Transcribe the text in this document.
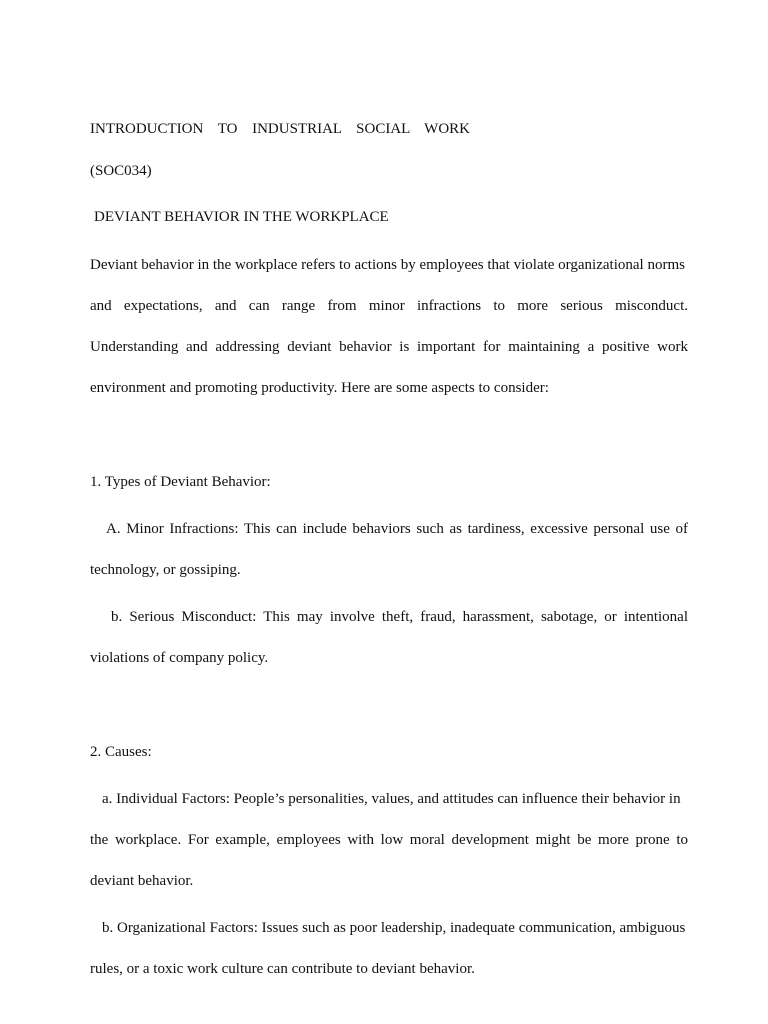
INTRODUCTION TO INDUSTRIAL SOCIAL WORK

(SOC034)

DEVIANT BEHAVIOR IN THE WORKPLACE

Deviant behavior in the workplace refers to actions by employees that violate organizational norms

and expectations, and can range from minor infractions to more serious misconduct.

Understanding and addressing deviant behavior is important for maintaining a positive work

environment and promoting productivity. Here are some aspects to consider:

1. Types of Deviant Behavior:

A. Minor Infractions: This can include behaviors such as tardiness, excessive personal use of

technology, or gossiping.

b. Serious Misconduct: This may involve theft, fraud, harassment, sabotage, or intentional

violations of company policy.

2. Causes:

a. Individual Factors: People’s personalities, values, and attitudes can influence their behavior in

the workplace. For example, employees with low moral development might be more prone to

deviant behavior.

b. Organizational Factors: Issues such as poor leadership, inadequate communication, ambiguous

rules, or a toxic work culture can contribute to deviant behavior.
